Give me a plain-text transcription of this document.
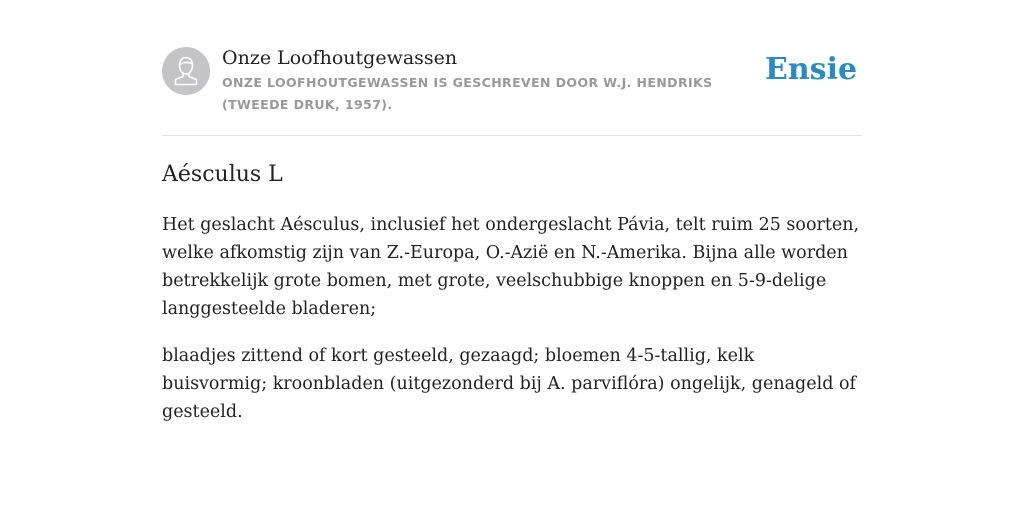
Onze Loofhoutgewassen

ONZE LOOFHOUTGEWASSEN IS GESCHREVEN DOOR W.J. HENDRIKS (TWEEDE DRUK, 1957).

Ensie
Aésculus L

Het geslacht Aésculus, inclusief het ondergeslacht Pávia, telt ruim 25 soorten, welke afkomstig zijn van Z.-Europa, O.-Azië en N.-Amerika. Bijna alle worden betrekkelijk grote bomen, met grote, veelschubbige knoppen en 5-9-delige langgesteelde bladeren;

blaadjes zittend of kort gesteeld, gezaagd; bloemen 4-5-tallig, kelk buisvormig; kroonbladen (uitgezonderd bij A. parviflóra) ongelijk, genageld of gesteeld.
